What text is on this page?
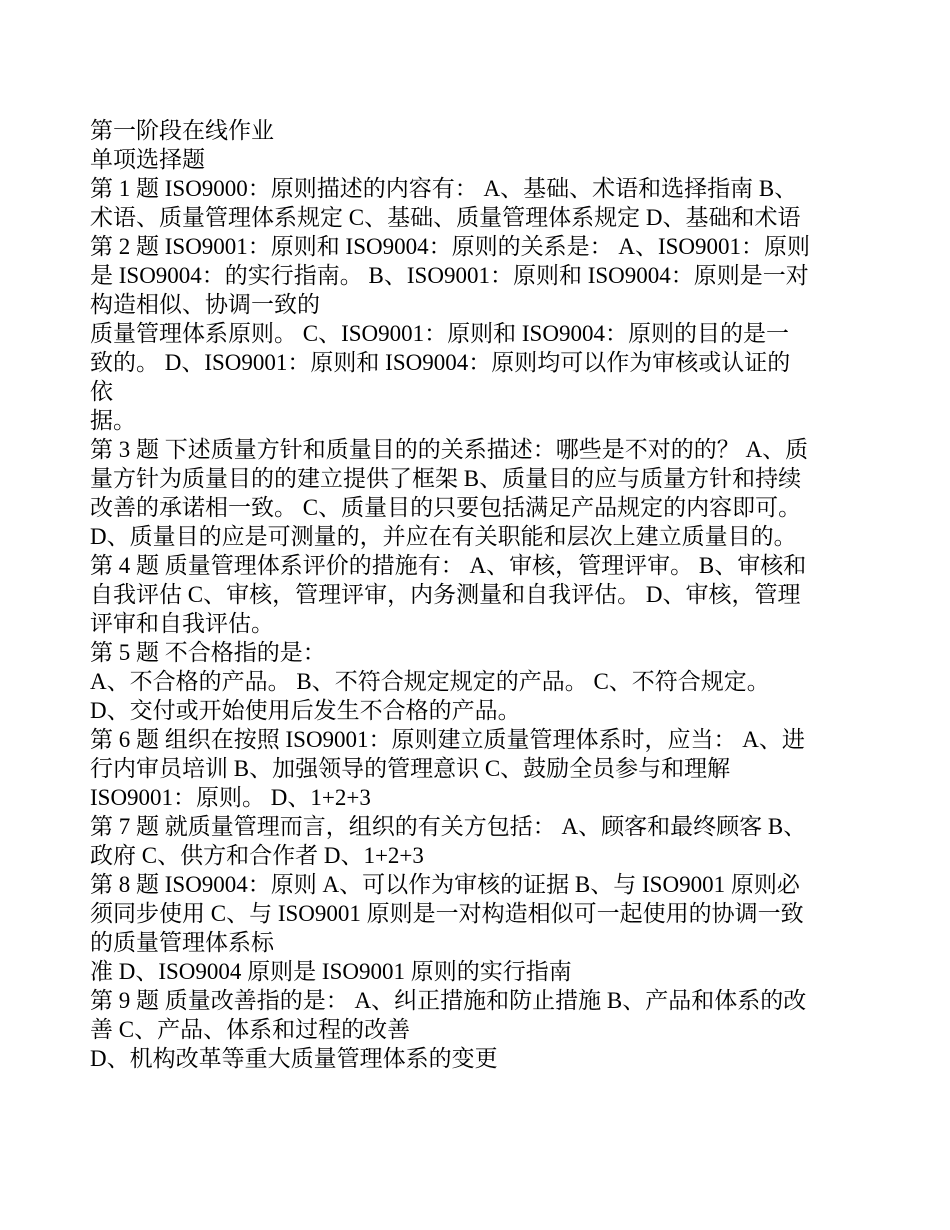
第一阶段在线作业

单项选择题

第 1 题 ISO9000：原则描述的内容有： A、基础、术语和选择指南 B、

术语、质量管理体系规定 C、基础、质量管理体系规定 D、基础和术语

第 2 题 ISO9001：原则和 ISO9004：原则的关系是： A、ISO9001：原则

是 ISO9004：的实行指南。 B、ISO9001：原则和 ISO9004：原则是一对

构造相似、协调一致的

质量管理体系原则。 C、ISO9001：原则和 ISO9004：原则的目的是一

致的。 D、ISO9001：原则和 ISO9004：原则均可以作为审核或认证的

依

据。

第 3 题 下述质量方针和质量目的的关系描述：哪些是不对的的？ A、质

量方针为质量目的的建立提供了框架 B、质量目的应与质量方针和持续

改善的承诺相一致。 C、质量目的只要包括满足产品规定的内容即可。

D、质量目的应是可测量的，并应在有关职能和层次上建立质量目的。

第 4 题 质量管理体系评价的措施有： A、审核，管理评审。 B、审核和

自我评估 C、审核，管理评审，内务测量和自我评估。 D、审核，管理

评审和自我评估。

第 5 题 不合格指的是：

A、不合格的产品。 B、不符合规定规定的产品。 C、不符合规定。

D、交付或开始使用后发生不合格的产品。

第 6 题 组织在按照 ISO9001：原则建立质量管理体系时，应当： A、进

行内审员培训 B、加强领导的管理意识 C、鼓励全员参与和理解

ISO9001：原则。 D、1+2+3

第 7 题 就质量管理而言，组织的有关方包括： A、顾客和最终顾客 B、

政府 C、供方和合作者 D、1+2+3

第 8 题 ISO9004：原则 A、可以作为审核的证据 B、与 ISO9001 原则必

须同步使用 C、与 ISO9001 原则是一对构造相似可一起使用的协调一致

的质量管理体系标

准 D、ISO9004 原则是 ISO9001 原则的实行指南

第 9 题 质量改善指的是： A、纠正措施和防止措施 B、产品和体系的改

善 C、产品、体系和过程的改善

D、机构改革等重大质量管理体系的变更
